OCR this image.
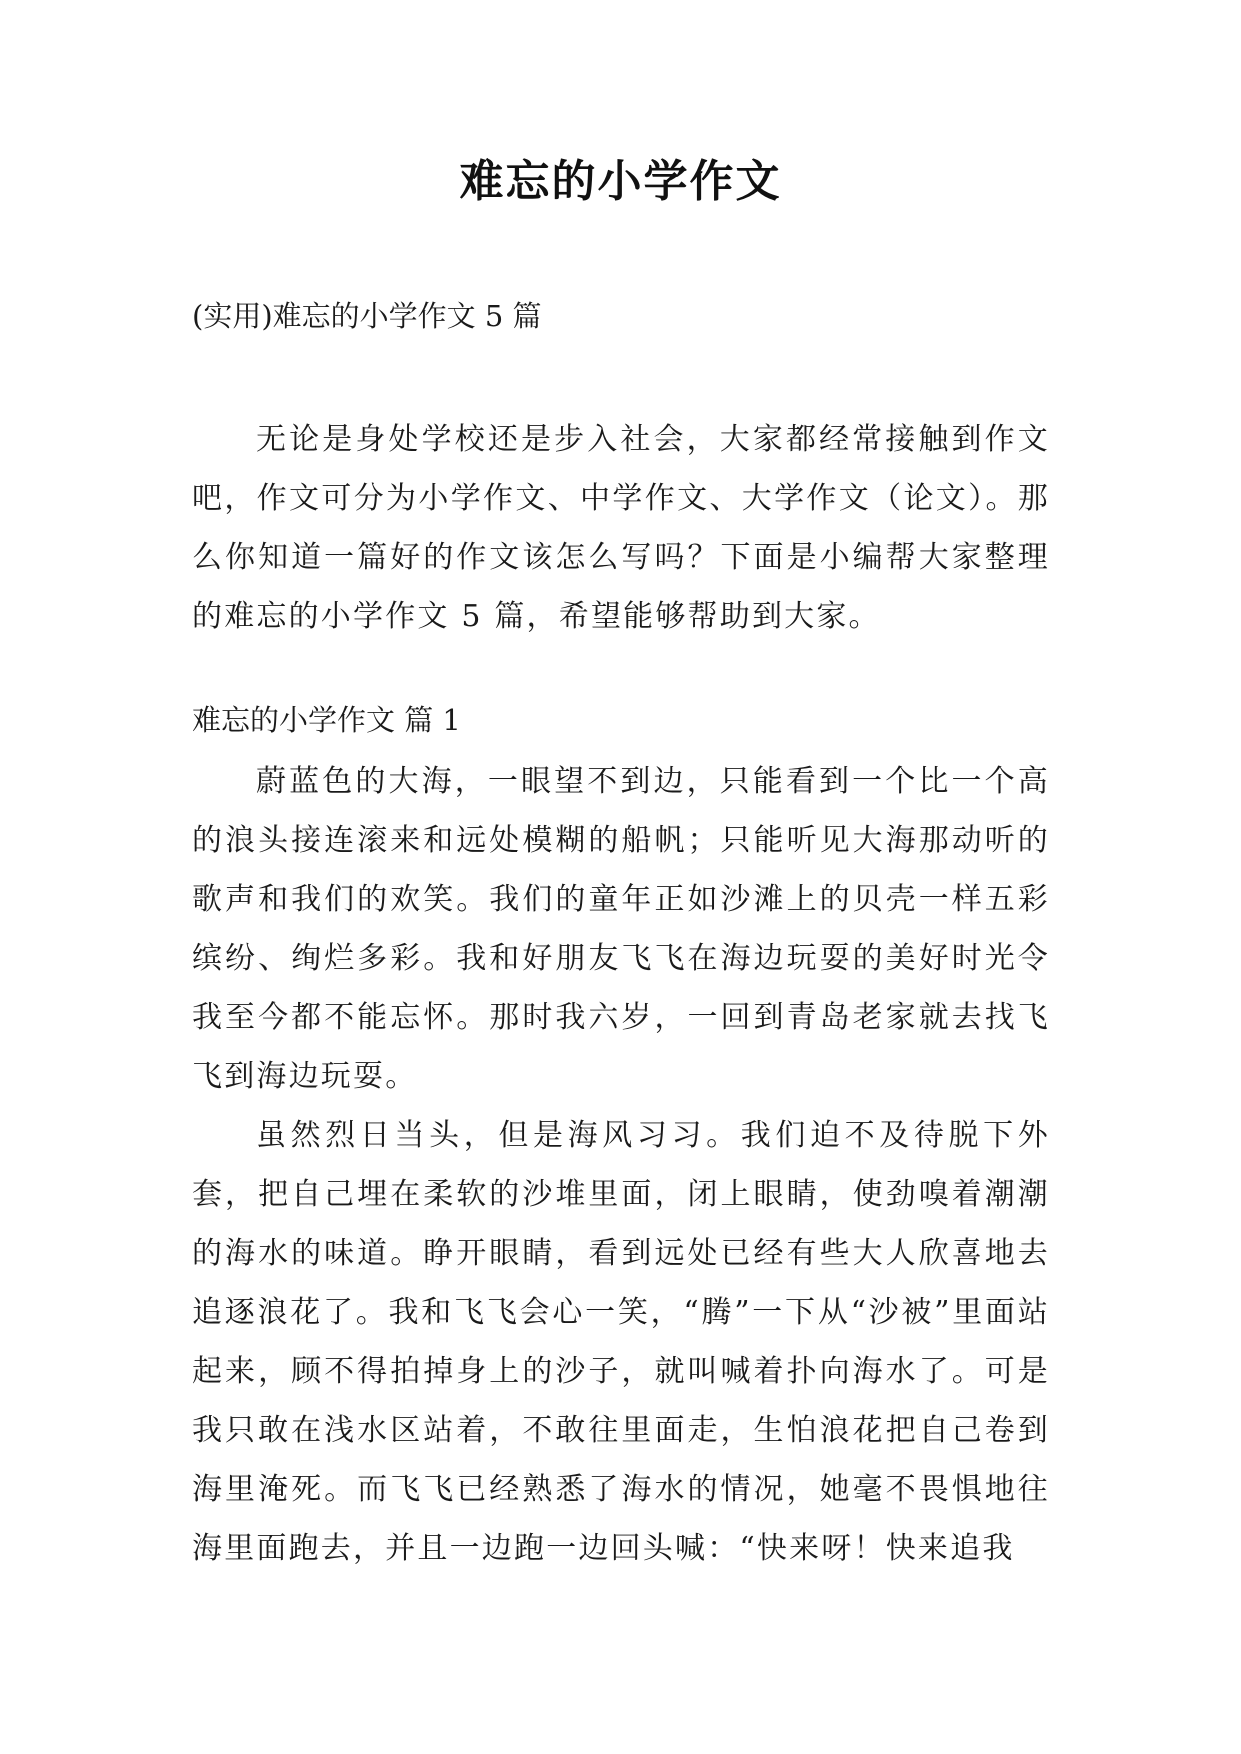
难忘的小学作文
(实用)难忘的小学作文 5 篇
无论是身处学校还是步入社会，大家都经常接触到作文吧，作文可分为小学作文、中学作文、大学作文（论文）。那么你知道一篇好的作文该怎么写吗？下面是小编帮大家整理的难忘的小学作文 5 篇，希望能够帮助到大家。
难忘的小学作文 篇 1
蔚蓝色的大海，一眼望不到边，只能看到一个比一个高的浪头接连滚来和远处模糊的船帆；只能听见大海那动听的歌声和我们的欢笑。我们的童年正如沙滩上的贝壳一样五彩缤纷、绚烂多彩。我和好朋友飞飞在海边玩耍的美好时光令我至今都不能忘怀。那时我六岁，一回到青岛老家就去找飞飞到海边玩耍。
虽然烈日当头，但是海风习习。我们迫不及待脱下外套，把自己埋在柔软的沙堆里面，闭上眼睛，使劲嗅着潮潮的海水的味道。睁开眼睛，看到远处已经有些大人欣喜地去追逐浪花了。我和飞飞会心一笑，“腾”一下从“沙被”里面站起来，顾不得拍掉身上的沙子，就叫喊着扑向海水了。可是我只敢在浅水区站着，不敢往里面走，生怕浪花把自己卷到海里淹死。而飞飞已经熟悉了海水的情况，她毫不畏惧地往海里面跑去，并且一边跑一边回头喊：“快来呀！快来追我
